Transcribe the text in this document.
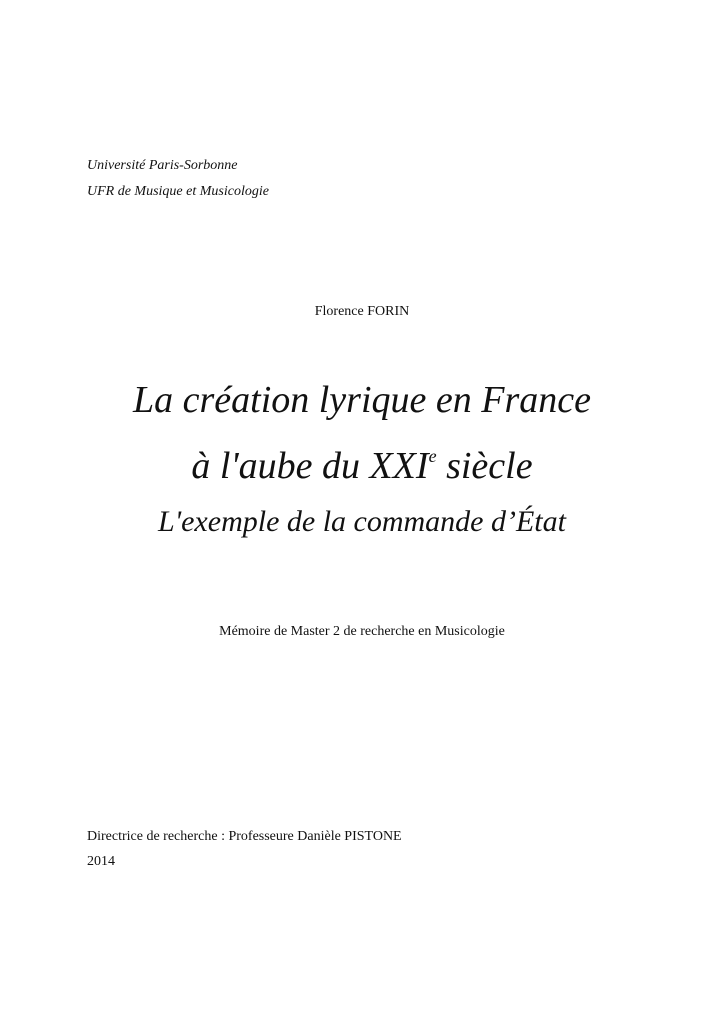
Université Paris-Sorbonne
UFR de Musique et Musicologie
Florence FORIN
La création lyrique en France
à l'aube du XXIe siècle
L'exemple de la commande d’État
Mémoire de Master 2 de recherche en Musicologie
Directrice de recherche : Professeure Danièle PISTONE
2014
